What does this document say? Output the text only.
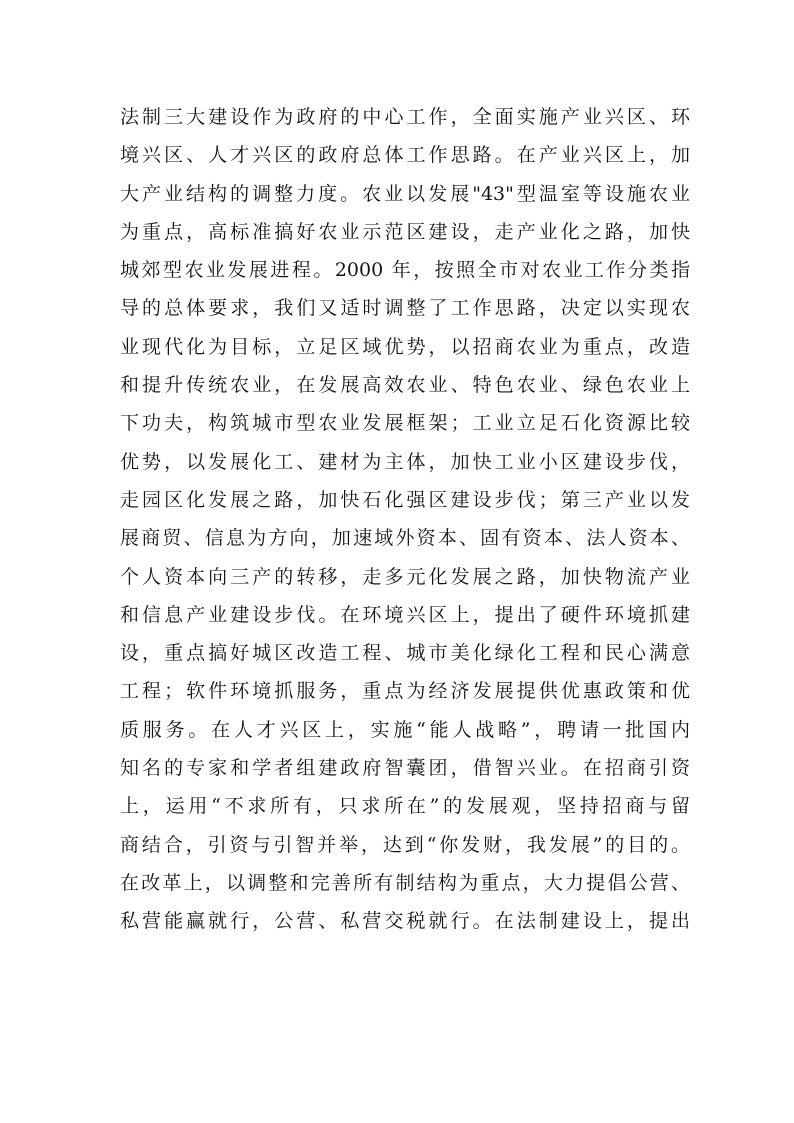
法制三大建设作为政府的中心工作，全面实施产业兴区、环
境兴区、人才兴区的政府总体工作思路。在产业兴区上，加
大产业结构的调整力度。农业以发展"43"型温室等设施农业
为重点，高标准搞好农业示范区建设，走产业化之路，加快
城郊型农业发展进程。2000 年，按照全市对农业工作分类指
导的总体要求，我们又适时调整了工作思路，决定以实现农
业现代化为目标，立足区域优势，以招商农业为重点，改造
和提升传统农业，在发展高效农业、特色农业、绿色农业上
下功夫，构筑城市型农业发展框架；工业立足石化资源比较
优势，以发展化工、建材为主体，加快工业小区建设步伐，
走园区化发展之路，加快石化强区建设步伐；第三产业以发
展商贸、信息为方向，加速域外资本、固有资本、法人资本、
个人资本向三产的转移，走多元化发展之路，加快物流产业
和信息产业建设步伐。在环境兴区上，提出了硬件环境抓建
设，重点搞好城区改造工程、城市美化绿化工程和民心满意
工程；软件环境抓服务，重点为经济发展提供优惠政策和优
质服务。在人才兴区上，实施“能人战略”，聘请一批国内
知名的专家和学者组建政府智囊团，借智兴业。在招商引资
上，运用“不求所有，只求所在”的发展观，坚持招商与留
商结合，引资与引智并举，达到“你发财，我发展”的目的。
在改革上，以调整和完善所有制结构为重点，大力提倡公营、
私营能赢就行，公营、私营交税就行。在法制建设上，提出
